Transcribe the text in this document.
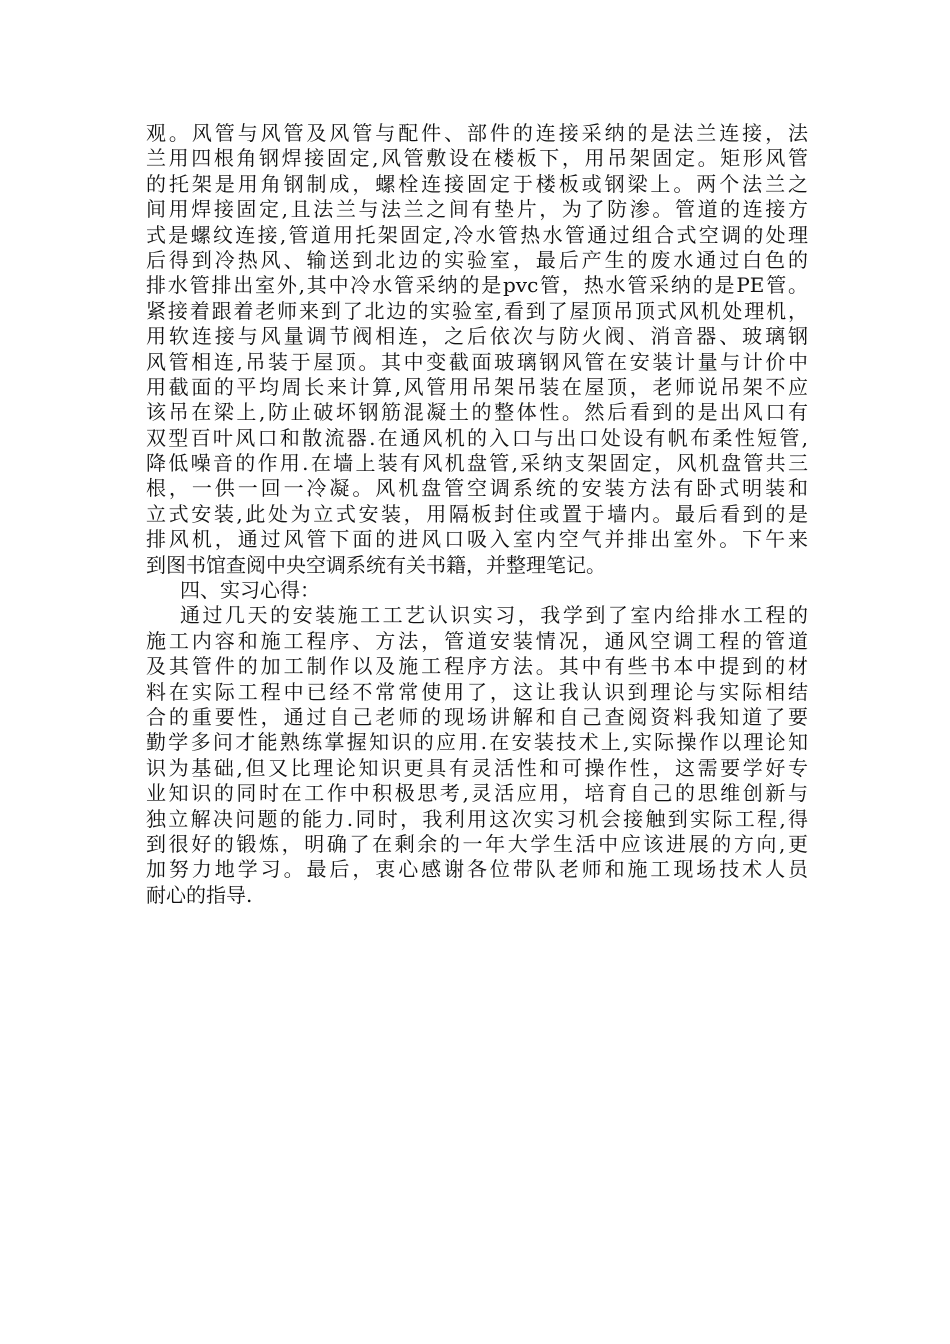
观。风管与风管及风管与配件、部件的连接采纳的是法兰连接，法
兰用四根角钢焊接固定,风管敷设在楼板下，用吊架固定。矩形风管
的托架是用角钢制成，螺栓连接固定于楼板或钢梁上。两个法兰之
间用焊接固定,且法兰与法兰之间有垫片，为了防渗。管道的连接方
式是螺纹连接,管道用托架固定,冷水管热水管通过组合式空调的处理
后得到冷热风、输送到北边的实验室，最后产生的废水通过白色的
排水管排出室外,其中冷水管采纳的是pvc管，热水管采纳的是PE管。
紧接着跟着老师来到了北边的实验室,看到了屋顶吊顶式风机处理机，
用软连接与风量调节阀相连，之后依次与防火阀、消音器、玻璃钢
风管相连,吊装于屋顶。其中变截面玻璃钢风管在安装计量与计价中
用截面的平均周长来计算,风管用吊架吊装在屋顶，老师说吊架不应
该吊在梁上,防止破坏钢筋混凝土的整体性。然后看到的是出风口有
双型百叶风口和散流器.在通风机的入口与出口处设有帆布柔性短管,
降低噪音的作用.在墙上装有风机盘管,采纳支架固定，风机盘管共三
根，一供一回一冷凝。风机盘管空调系统的安装方法有卧式明装和
立式安装,此处为立式安装，用隔板封住或置于墙内。最后看到的是
排风机，通过风管下面的进风口吸入室内空气并排出室外。下午来
到图书馆查阅中央空调系统有关书籍，并整理笔记。
四、实习心得：
通过几天的安装施工工艺认识实习，我学到了室内给排水工程的
施工内容和施工程序、方法，管道安装情况，通风空调工程的管道
及其管件的加工制作以及施工程序方法。其中有些书本中提到的材
料在实际工程中已经不常常使用了，这让我认识到理论与实际相结
合的重要性，通过自己老师的现场讲解和自己查阅资料我知道了要
勤学多问才能熟练掌握知识的应用.在安装技术上,实际操作以理论知
识为基础,但又比理论知识更具有灵活性和可操作性，这需要学好专
业知识的同时在工作中积极思考,灵活应用，培育自己的思维创新与
独立解决问题的能力.同时，我利用这次实习机会接触到实际工程,得
到很好的锻炼，明确了在剩余的一年大学生活中应该进展的方向,更
加努力地学习。最后，衷心感谢各位带队老师和施工现场技术人员
耐心的指导.
